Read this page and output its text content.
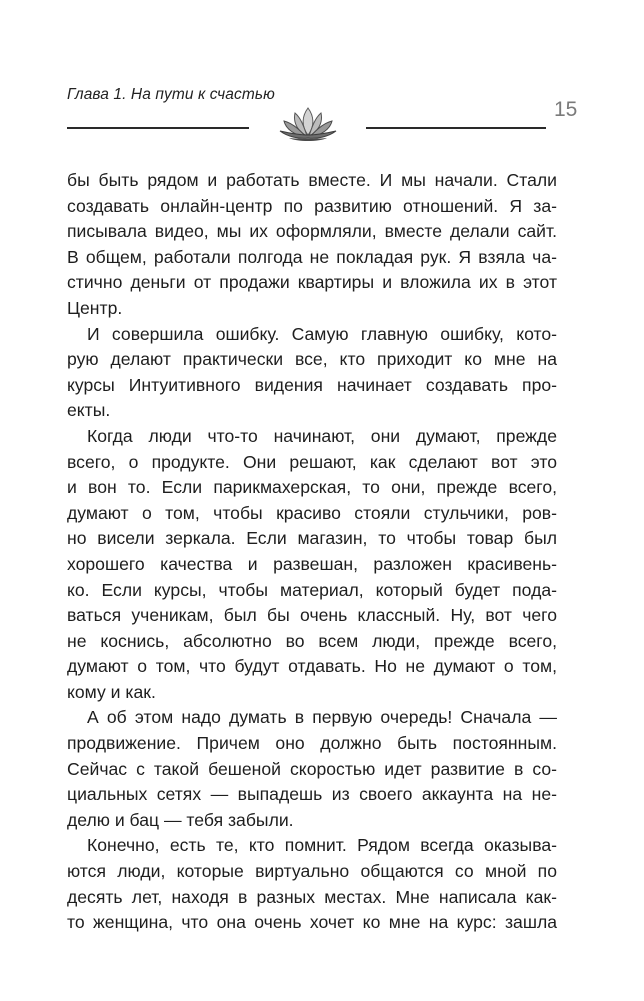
Глава 1. На пути к счастью
15

бы быть рядом и работать вместе. И мы начали. Стали
создавать онлайн-центр по развитию отношений. Я за-
писывала видео, мы их оформляли, вместе делали сайт.
В общем, работали полгода не покладая рук. Я взяла ча-
стично деньги от продажи квартиры и вложила их в этот
Центр.

И совершила ошибку. Самую главную ошибку, кото-
рую делают практически все, кто приходит ко мне на
курсы Интуитивного видения начинает создавать про-
екты.

Когда люди что-то начинают, они думают, прежде
всего, о продукте. Они решают, как сделают вот это
и вон то. Если парикмахерская, то они, прежде всего,
думают о том, чтобы красиво стояли стульчики, ров-
но висели зеркала. Если магазин, то чтобы товар был
хорошего качества и развешан, разложен красивень-
ко. Если курсы, чтобы материал, который будет пода-
ваться ученикам, был бы очень классный. Ну, вот чего
не коснись, абсолютно во всем люди, прежде всего,
думают о том, что будут отдавать. Но не думают о том,
кому и как.

А об этом надо думать в первую очередь! Сначала —
продвижение. Причем оно должно быть постоянным.
Сейчас с такой бешеной скоростью идет развитие в со-
циальных сетях — выпадешь из своего аккаунта на не-
делю и бац — тебя забыли.

Конечно, есть те, кто помнит. Рядом всегда оказыва-
ются люди, которые виртуально общаются со мной по
десять лет, находя в разных местах. Мне написала как-
то женщина, что она очень хочет ко мне на курс: зашла
